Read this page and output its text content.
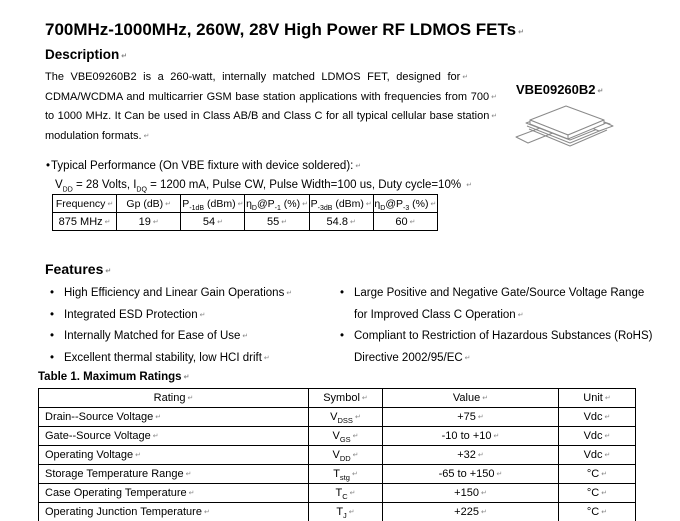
700MHz-1000MHz, 260W, 28V High Power RF LDMOS FETs ↵
Description ↵
The VBE09260B2 is a 260-watt, internally matched LDMOS FET, designed for ↵
CDMA/WCDMA and multicarrier GSM base station applications with frequencies from 700 ↵
to 1000 MHz. It Can be used in Class AB/B and Class C for all typical cellular base station ↵
modulation formats. ↵
VBE09260B2 ↵
•Typical Performance (On VBE fixture with device soldered): ↵
$V_{DD} = 28$ Volts, $I_{DQ} = 1200$ mA, Pulse CW, Pulse Width=100 us, Duty cycle=10% ↵
Frequency ↵	Gp (dB) ↵	$P_{-1dB}$ (dBm) ↵	$\eta_D@P_{-1}$ (%) ↵	$P_{-3dB}$ (dBm) ↵	$\eta_D@P_{-3}$ (%) ↵
875 MHz ↵	19 ↵	54 ↵	55 ↵	54.8 ↵	60 ↵
Features ↵
• High Efficiency and Linear Gain Operations ↵
• Integrated ESD Protection ↵
• Internally Matched for Ease of Use ↵
• Excellent thermal stability, low HCI drift ↵
• Large Positive and Negative Gate/Source Voltage Range
for Improved Class C Operation ↵
• Compliant to Restriction of Hazardous Substances (RoHS)
Directive 2002/95/EC ↵
Table 1. Maximum Ratings ↵
Rating ↵	Symbol ↵	Value ↵	Unit ↵
Drain--Source Voltage ↵	$V_{DSS}$ ↵	+75 ↵	Vdc ↵
Gate--Source Voltage ↵	$V_{GS}$ ↵	-10 to +10 ↵	Vdc ↵
Operating Voltage ↵	$V_{DD}$ ↵	+32 ↵	Vdc ↵
Storage Temperature Range ↵	$T_{stg}$ ↵	-65 to +150 ↵	°C ↵
Case Operating Temperature ↵	$T_C$ ↵	+150 ↵	°C ↵
Operating Junction Temperature ↵	$T_J$ ↵	+225 ↵	°C ↵
